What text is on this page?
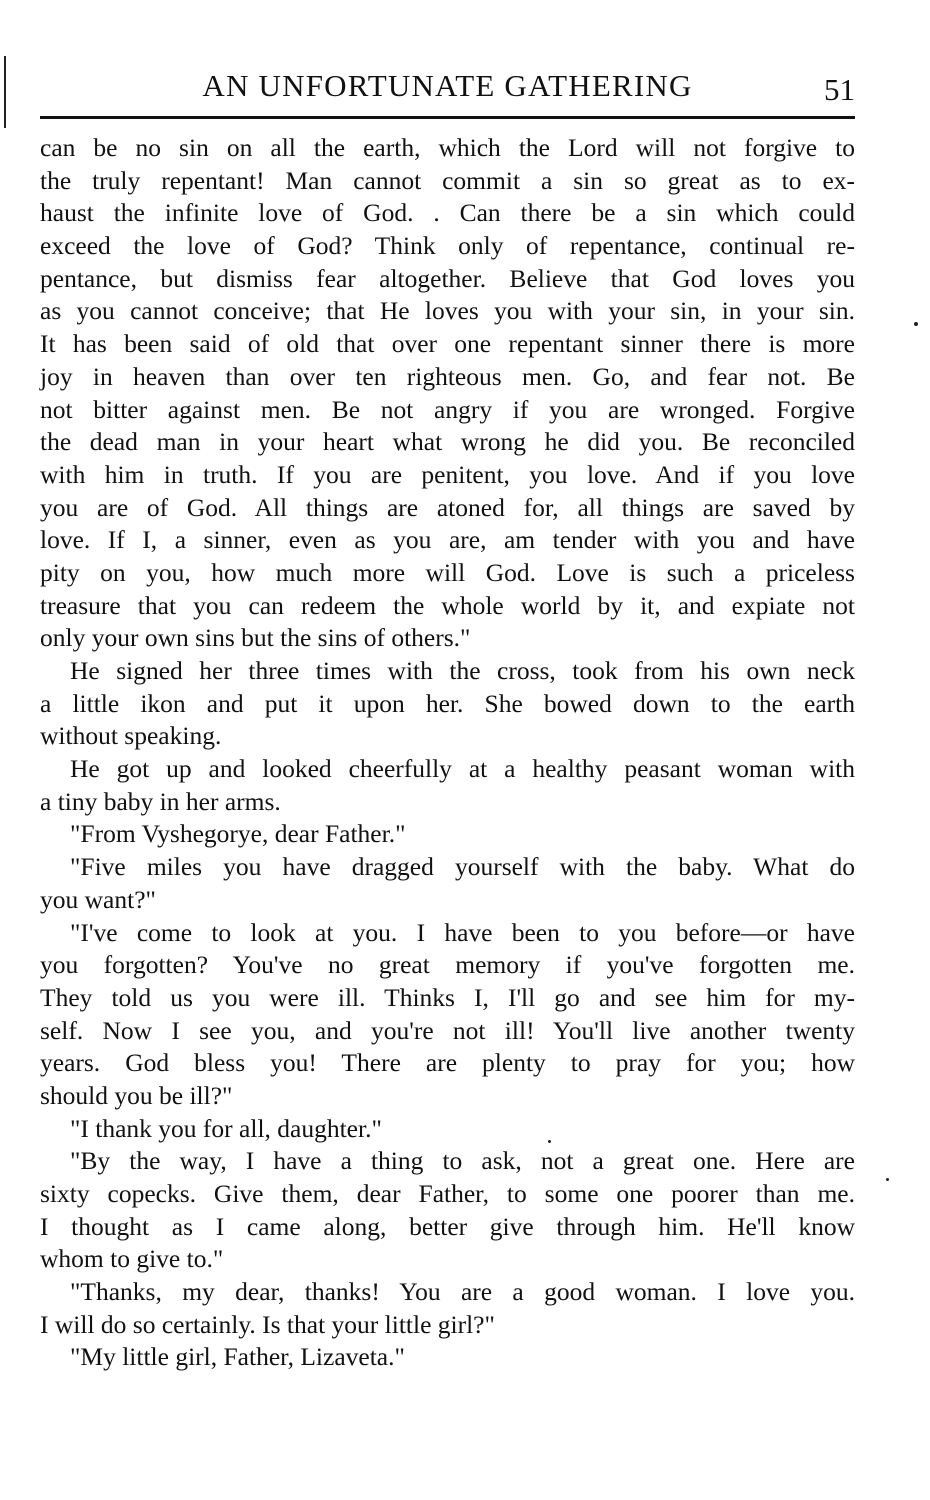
AN UNFORTUNATE GATHERING	51
can be no sin on all the earth, which the Lord will not forgive to
the truly repentant! Man cannot commit a sin so great as to ex-
haust the infinite love of God. . Can there be a sin which could
exceed the love of God? Think only of repentance, continual re-
pentance, but dismiss fear altogether. Believe that God loves you
as you cannot conceive; that He loves you with your sin, in your sin.
It has been said of old that over one repentant sinner there is more
joy in heaven than over ten righteous men. Go, and fear not. Be
not bitter against men. Be not angry if you are wronged. Forgive
the dead man in your heart what wrong he did you. Be reconciled
with him in truth. If you are penitent, you love. And if you love
you are of God. All things are atoned for, all things are saved by
love. If I, a sinner, even as you are, am tender with you and have
pity on you, how much more will God. Love is such a priceless
treasure that you can redeem the whole world by it, and expiate not
only your own sins but the sins of others."
He signed her three times with the cross, took from his own neck
a little ikon and put it upon her. She bowed down to the earth
without speaking.
He got up and looked cheerfully at a healthy peasant woman with
a tiny baby in her arms.
"From Vyshegorye, dear Father."
"Five miles you have dragged yourself with the baby. What do
you want?"
"I've come to look at you. I have been to you before—or have
you forgotten? You've no great memory if you've forgotten me.
They told us you were ill. Thinks I, I'll go and see him for my-
self. Now I see you, and you're not ill! You'll live another twenty
years. God bless you! There are plenty to pray for you; how
should you be ill?"
"I thank you for all, daughter."
"By the way, I have a thing to ask, not a great one. Here are
sixty copecks. Give them, dear Father, to some one poorer than me.
I thought as I came along, better give through him. He'll know
whom to give to."
"Thanks, my dear, thanks! You are a good woman. I love you.
I will do so certainly. Is that your little girl?"
"My little girl, Father, Lizaveta."
